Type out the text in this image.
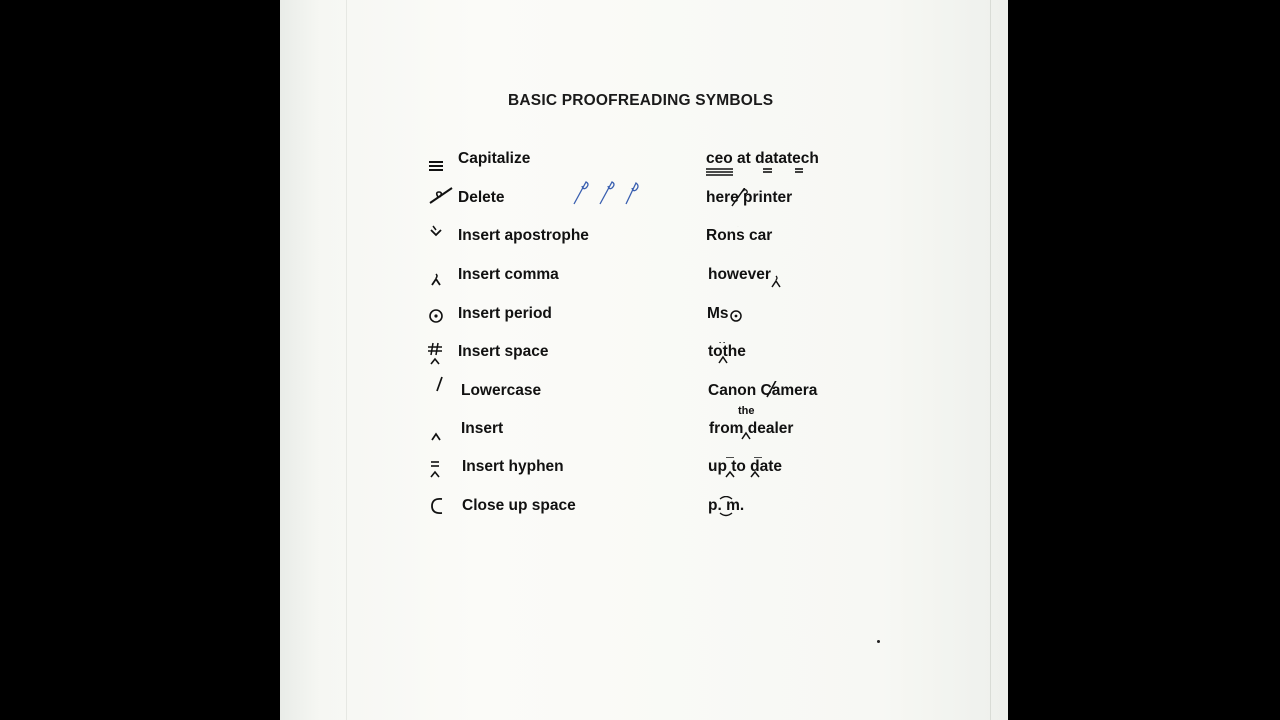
BASIC PROOFREADING SYMBOLS
Capitalize	ceo at datatech
Delete	here printer
Insert apostrophe	Rons car
Insert comma	however
Insert period	Ms
Insert space	tothe
Lowercase	Canon Camera
Insert	from dealer
the
Insert hyphen	up to date
Close up space	p. m.
